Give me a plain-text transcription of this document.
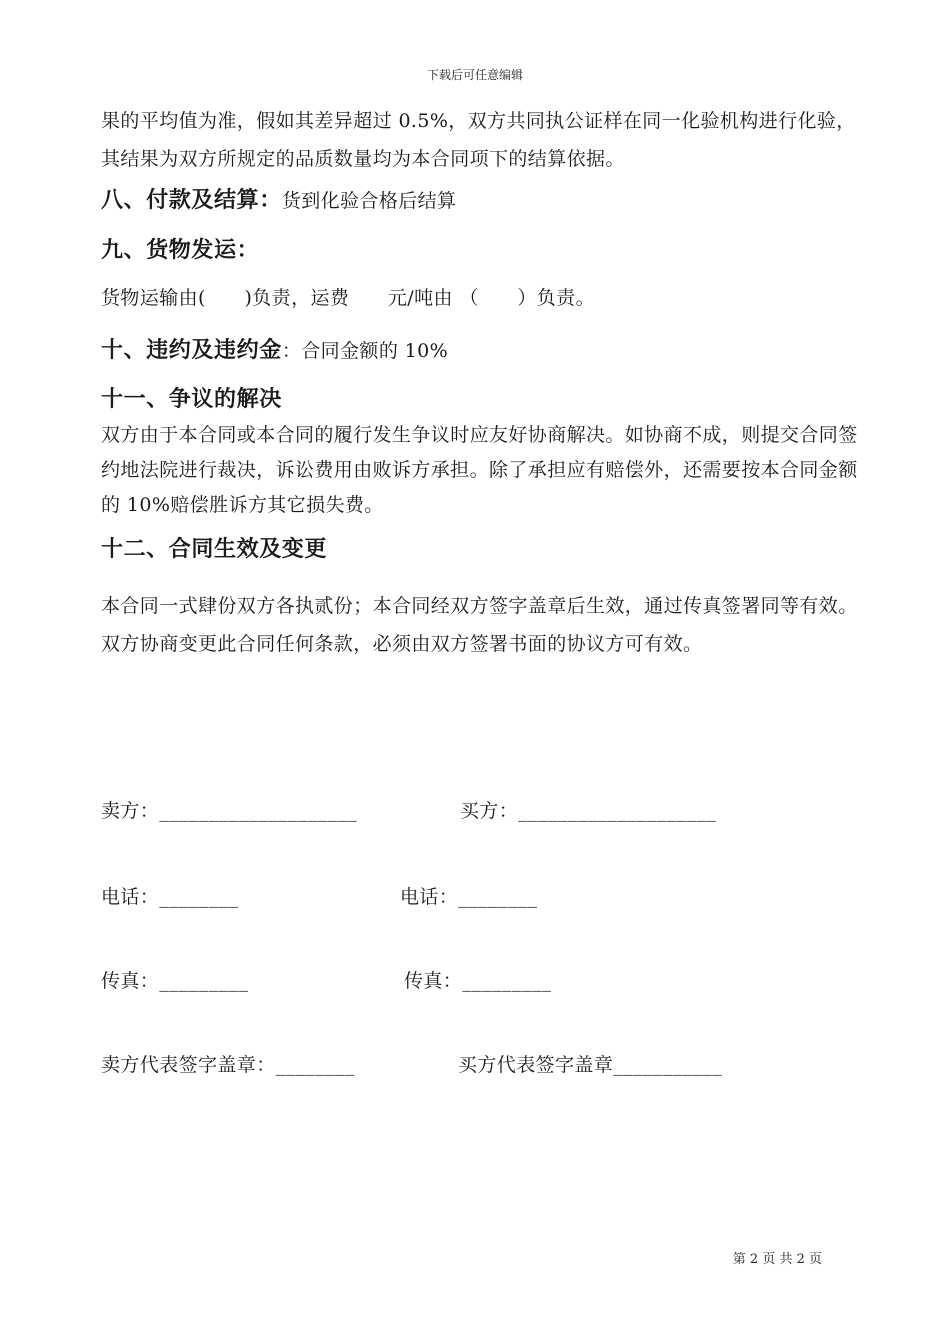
下载后可任意编辑
果的平均值为准，假如其差异超过 0.5%，双方共同执公证样在同一化验机构进行化验，其结果为双方所规定的品质数量均为本合同项下的结算依据。
八、付款及结算：货到化验合格后结算
九、货物发运：
货物运输由(      )负责，运费      元/吨由 （      ）负责。
十、违约及违约金：合同金额的 10%
十一、争议的解决
双方由于本合同或本合同的履行发生争议时应友好协商解决。如协商不成，则提交合同签约地法院进行裁决，诉讼费用由败诉方承担。除了承担应有赔偿外，还需要按本合同金额的 10%赔偿胜诉方其它损失费。
十二、合同生效及变更
本合同一式肆份双方各执贰份；本合同经双方签字盖章后生效，通过传真签署同等有效。双方协商变更此合同任何条款，必须由双方签署书面的协议方可有效。
卖方：____________________	买方：____________________
电话：________	电话：________
传真：_________	传真：_________
卖方代表签字盖章：________	买方代表签字盖章___________
第 2 页 共 2 页
